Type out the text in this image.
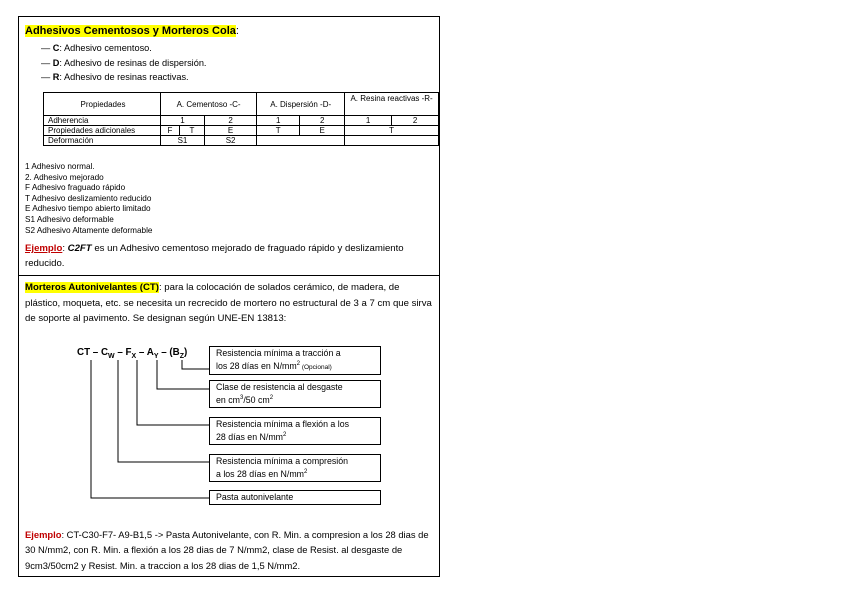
Adhesivos Cementosos y Morteros Cola:
— C: Adhesivo cementoso.
— D: Adhesivo de resinas de dispersión.
— R: Adhesivo de resinas reactivas.
Propiedades	A. Cementoso -C-			A. Dispersión -D-		A. Resina reactivas -R-	
Adherencia	1		2	1	2	1	2
Propiedades adicionales	F	T	E	T	E	T	
Deformación	S1		S2				
1 Adhesivo normal.
2. Adhesivo mejorado
F Adhesivo fraguado rápido
T Adhesivo deslizamiento reducido
E Adhesivo tiempo abierto limitado
S1 Adhesivo deformable
S2 Adhesivo Altamente deformable
Ejemplo: C2FT es un Adhesivo cementoso mejorado de fraguado rápido y deslizamiento reducido.
Morteros Autonivelantes (CT): para la colocación de solados cerámico, de madera, de plástico, moqueta, etc. se necesita un recrecido de mortero no estructural de 3 a 7 cm que sirva de soporte al pavimento. Se designan según UNE-EN 13813:
CT – $C_W - F_X - A_Y - (B_Z)$	Resistencia mínima a tracción a
los 28 días en $N/mm^2$ (Opcional)
Clase de resistencia al desgaste
en $cm^3/50$ $cm^2$
Resistencia mínima a flexión a los
28 días en $N/mm^2$
Resistencia mínima a compresión
a los 28 días en $N/mm^2$
Pasta autonivelante
Ejemplo: CT-C30-F7- A9-B1,5 -> Pasta Autonivelante, con R. Min. a compresion a los 28 dias de 30 N/mm2, con R. Min. a flexión a los 28 dias de 7 N/mm2, clase de Resist. al desgaste de 9cm3/50cm2 y Resist. Min. a traccion a los 28 dias de 1,5 N/mm2.
